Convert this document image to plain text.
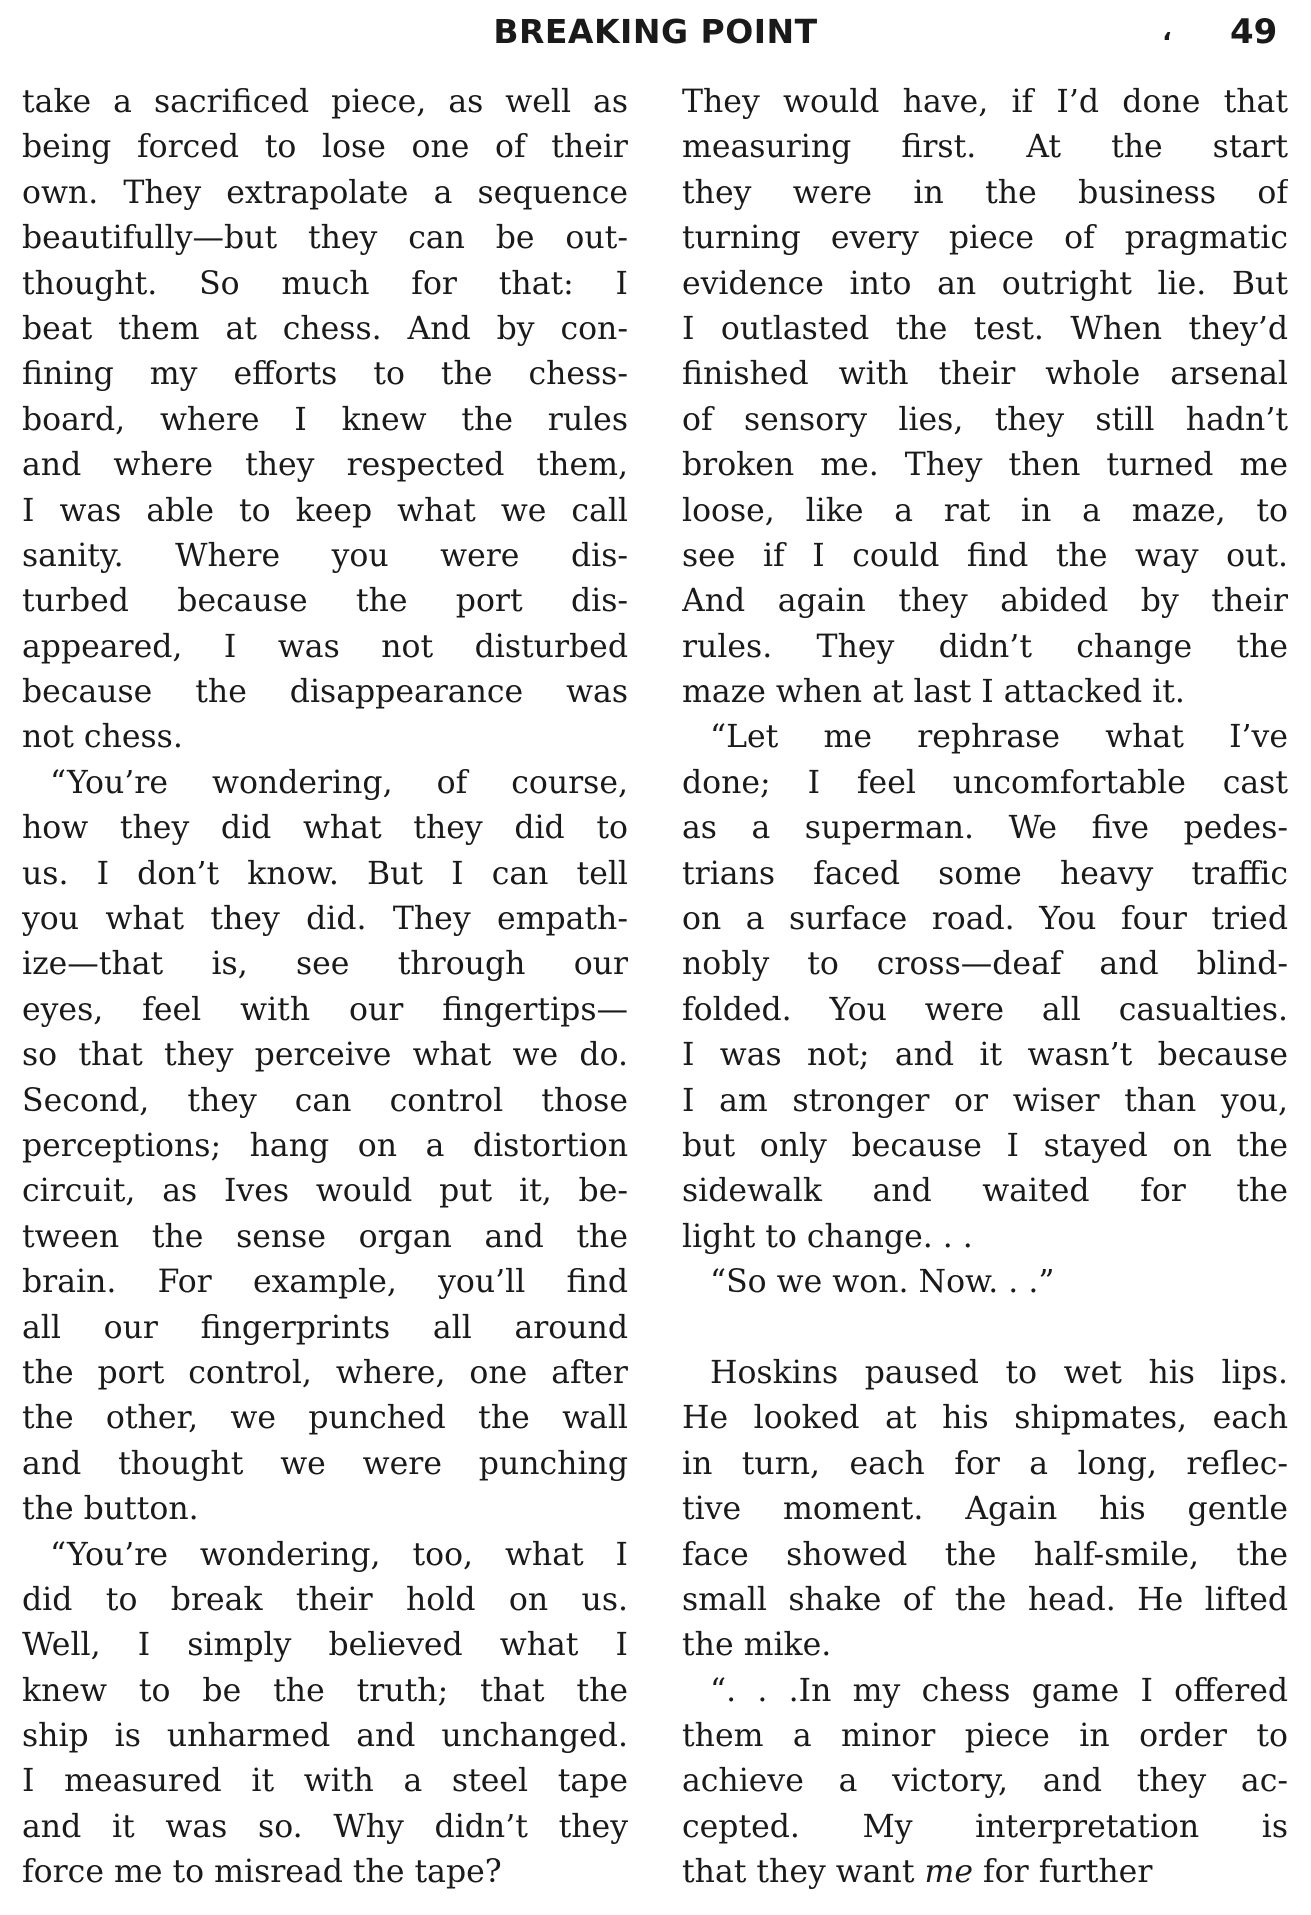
BREAKING POINT	‘ 49
take a sacrificed piece, as well as
being forced to lose one of their
own. They extrapolate a sequence
beautifully—but they can be out-
thought. So much for that: I
beat them at chess. And by con-
fining my efforts to the chess-
board, where I knew the rules
and where they respected them,
I was able to keep what we call
sanity. Where you were dis-
turbed because the port dis-
appeared, I was not disturbed
because the disappearance was
not chess.
“You’re wondering, of course,
how they did what they did to
us. I don’t know. But I can tell
you what they did. They empath-
ize—that is, see through our
eyes, feel with our fingertips—
so that they perceive what we do.
Second, they can control those
perceptions; hang on a distortion
circuit, as Ives would put it, be-
tween the sense organ and the
brain. For example, you’ll find
all our fingerprints all around
the port control, where, one after
the other, we punched the wall
and thought we were punching
the button.
“You’re wondering, too, what I
did to break their hold on us.
Well, I simply believed what I
knew to be the truth; that the
ship is unharmed and unchanged.
I measured it with a steel tape
and it was so. Why didn’t they
force me to misread the tape?
They would have, if I’d done that
measuring first. At the start
they were in the business of
turning every piece of pragmatic
evidence into an outright lie. But
I outlasted the test. When they’d
finished with their whole arsenal
of sensory lies, they still hadn’t
broken me. They then turned me
loose, like a rat in a maze, to
see if I could find the way out.
And again they abided by their
rules. They didn’t change the
maze when at last I attacked it.
“Let me rephrase what I’ve
done; I feel uncomfortable cast
as a superman. We five pedes-
trians faced some heavy traffic
on a surface road. You four tried
nobly to cross—deaf and blind-
folded. You were all casualties.
I was not; and it wasn’t because
I am stronger or wiser than you,
but only because I stayed on the
sidewalk and waited for the
light to change. . .
“So we won. Now. . .”
Hoskins paused to wet his lips.
He looked at his shipmates, each
in turn, each for a long, reflec-
tive moment. Again his gentle
face showed the half-smile, the
small shake of the head. He lifted
the mike.
“. . .In my chess game I offered
them a minor piece in order to
achieve a victory, and they ac-
cepted. My interpretation is
that they want me for further
